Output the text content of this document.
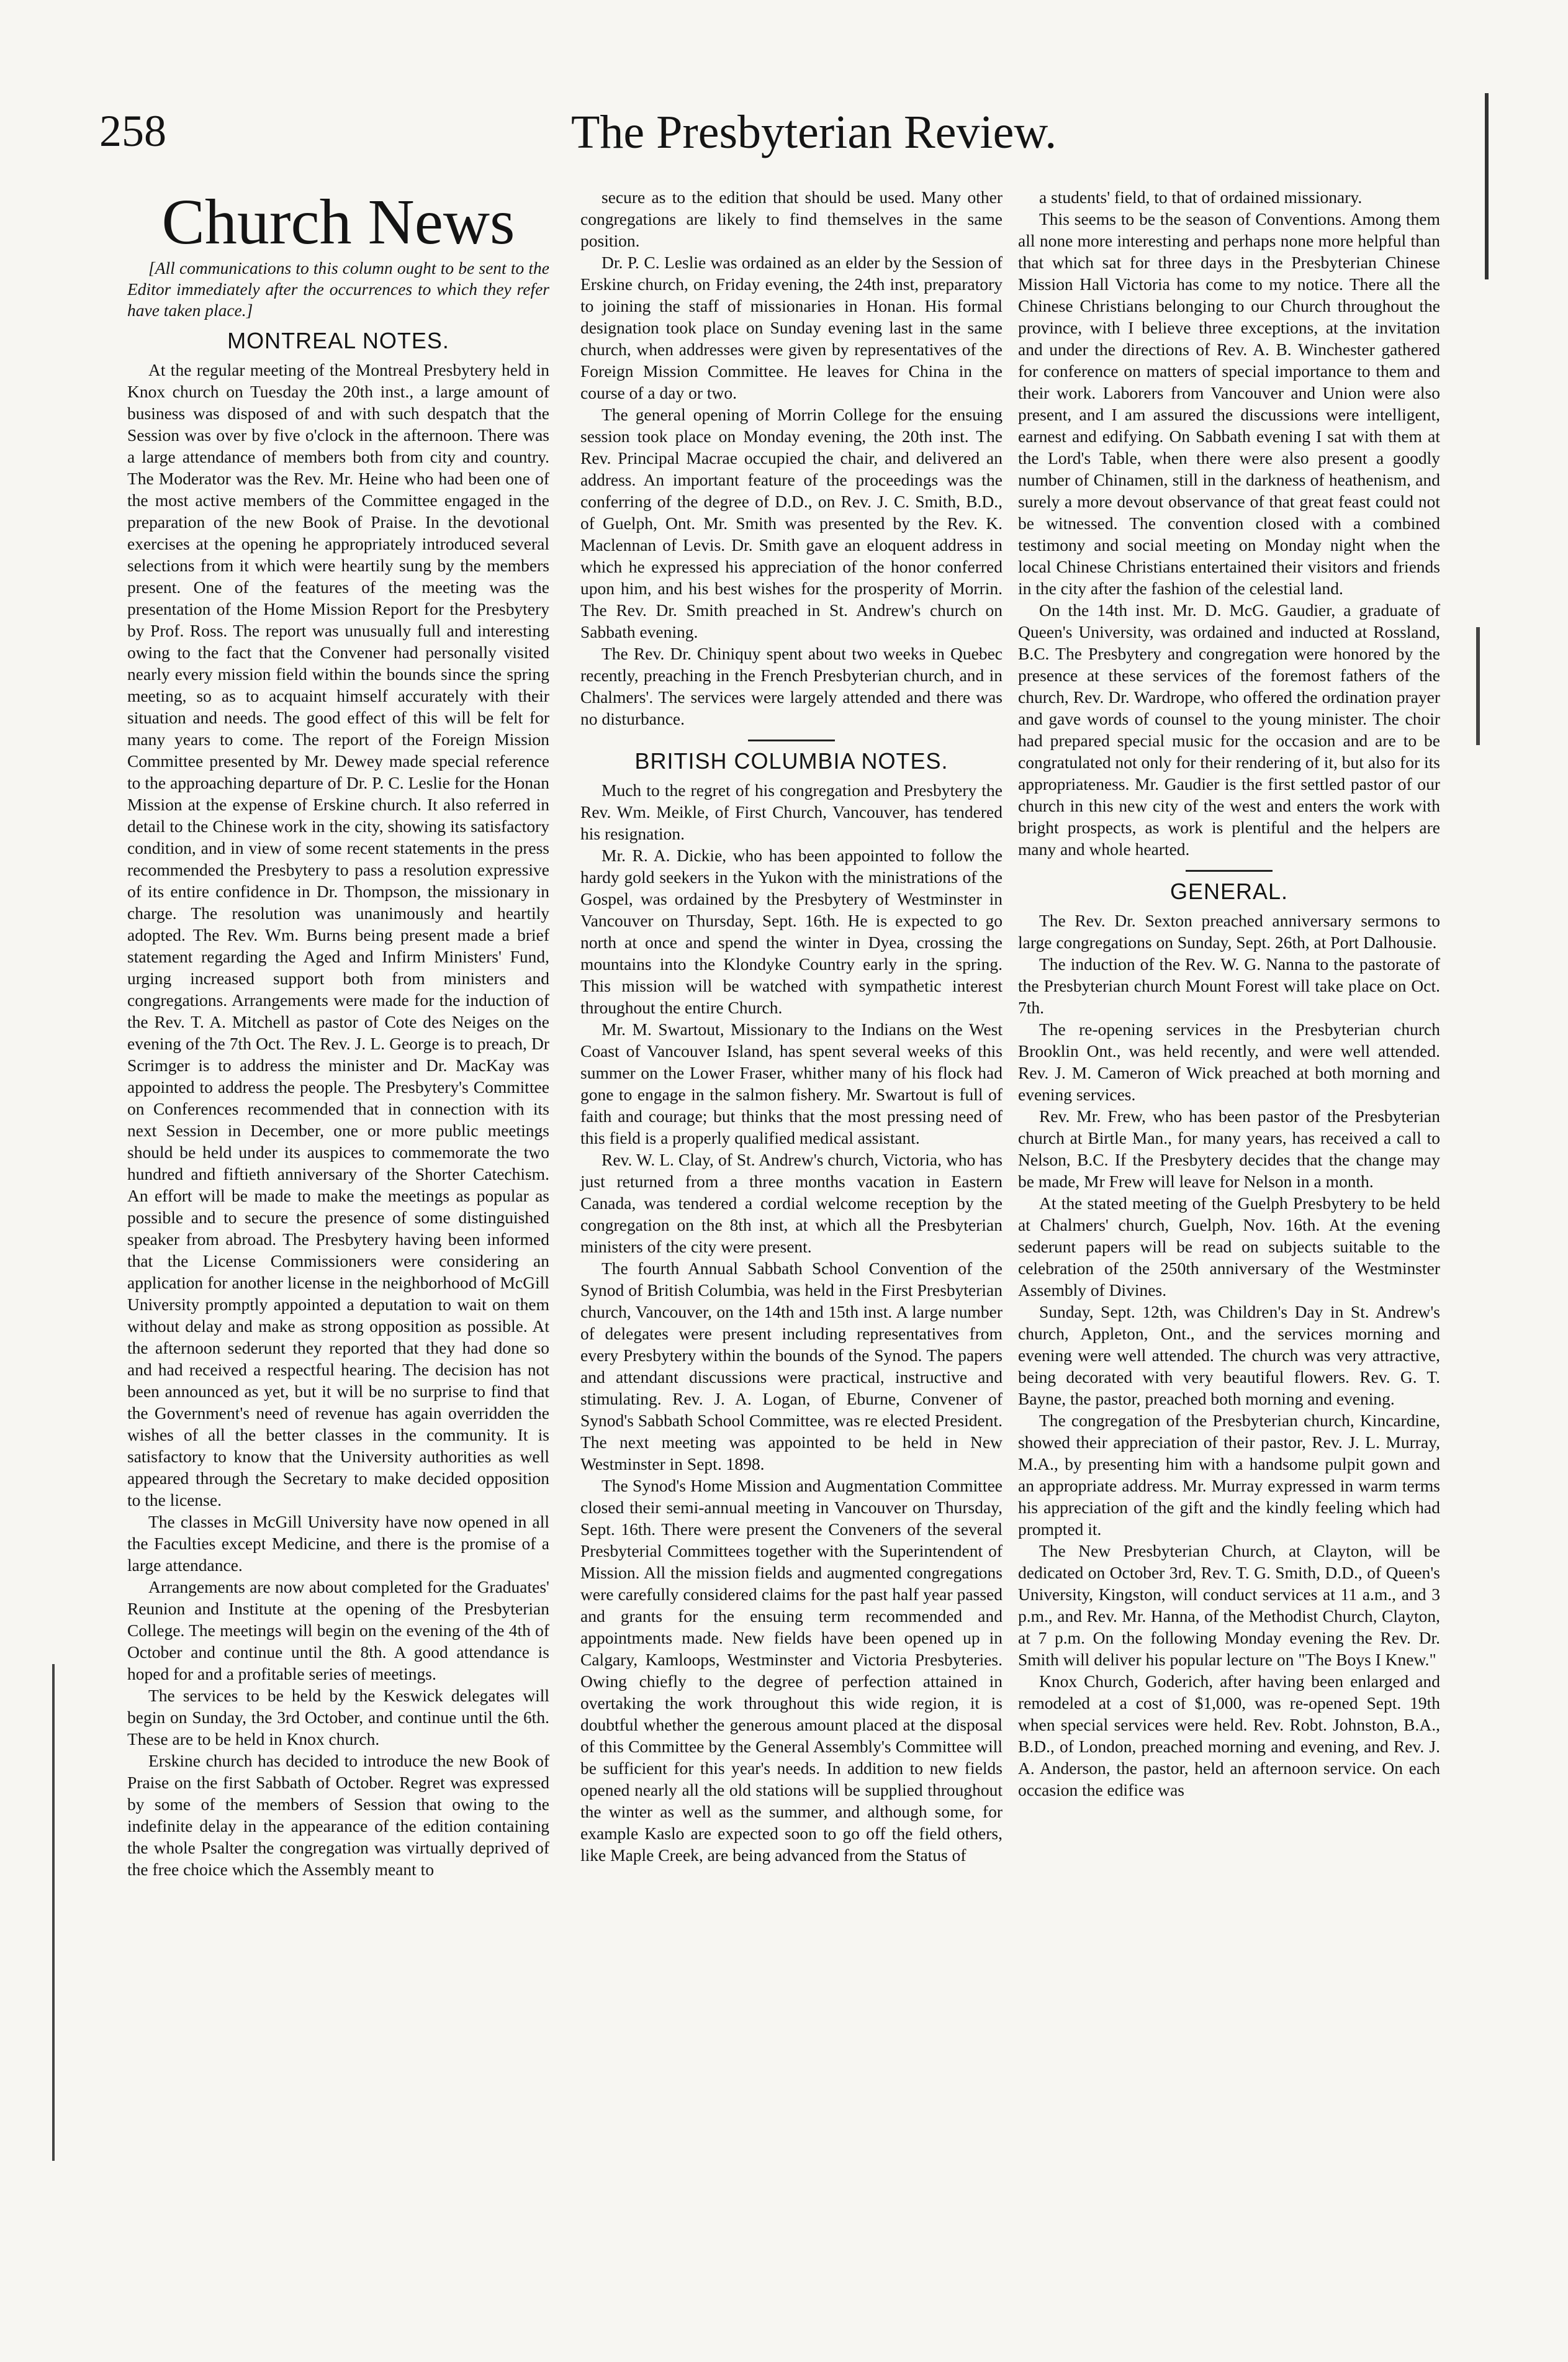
258	The Presbyterian Review.

Church News

[All communications to this column ought to be sent to the Editor immediately after the occurrences to which they refer have taken place.]

MONTREAL NOTES.

At the regular meeting of the Montreal Presbytery held in Knox church on Tuesday the 20th inst., a large amount of business was disposed of and with such despatch that the Session was over by five o'clock in the afternoon. There was a large attendance of members both from city and country. The Moderator was the Rev. Mr. Heine who had been one of the most active members of the Committee engaged in the preparation of the new Book of Praise. In the devotional exercises at the opening he appropriately introduced several selections from it which were heartily sung by the members present. One of the features of the meeting was the presentation of the Home Mission Report for the Presbytery by Prof. Ross. The report was unusually full and interesting owing to the fact that the Convener had personally visited nearly every mission field within the bounds since the spring meeting, so as to acquaint himself accurately with their situation and needs. The good effect of this will be felt for many years to come. The report of the Foreign Mission Committee presented by Mr. Dewey made special reference to the approaching departure of Dr. P. C. Leslie for the Honan Mission at the expense of Erskine church. It also referred in detail to the Chinese work in the city, showing its satisfactory condition, and in view of some recent statements in the press recommended the Presbytery to pass a resolution expressive of its entire confidence in Dr. Thompson, the missionary in charge. The resolution was unanimously and heartily adopted. The Rev. Wm. Burns being present made a brief statement regarding the Aged and Infirm Ministers' Fund, urging increased support both from ministers and congregations. Arrangements were made for the induction of the Rev. T. A. Mitchell as pastor of Cote des Neiges on the evening of the 7th Oct. The Rev. J. L. George is to preach, Dr Scrimger is to address the minister and Dr. MacKay was appointed to address the people. The Presbytery's Committee on Conferences recommended that in connection with its next Session in December, one or more public meetings should be held under its auspices to commemorate the two hundred and fiftieth anniversary of the Shorter Catechism. An effort will be made to make the meetings as popular as possible and to secure the presence of some distinguished speaker from abroad. The Presbytery having been informed that the License Commissioners were considering an application for another license in the neighborhood of McGill University promptly appointed a deputation to wait on them without delay and make as strong opposition as possible. At the afternoon sederunt they reported that they had done so and had received a respectful hearing. The decision has not been announced as yet, but it will be no surprise to find that the Government's need of revenue has again overridden the wishes of all the better classes in the community. It is satisfactory to know that the University authorities as well appeared through the Secretary to make decided opposition to the license.

The classes in McGill University have now opened in all the Faculties except Medicine, and there is the promise of a large attendance.

Arrangements are now about completed for the Graduates' Reunion and Institute at the opening of the Presbyterian College. The meetings will begin on the evening of the 4th of October and continue until the 8th. A good attendance is hoped for and a profitable series of meetings.

The services to be held by the Keswick delegates will begin on Sunday, the 3rd October, and continue until the 6th. These are to be held in Knox church.

Erskine church has decided to introduce the new Book of Praise on the first Sabbath of October. Regret was expressed by some of the members of Session that owing to the indefinite delay in the appearance of the edition containing the whole Psalter the congregation was virtually deprived of the free choice which the Assembly meant to

secure as to the edition that should be used. Many other congregations are likely to find themselves in the same position.

Dr. P. C. Leslie was ordained as an elder by the Session of Erskine church, on Friday evening, the 24th inst, preparatory to joining the staff of missionaries in Honan. His formal designation took place on Sunday evening last in the same church, when addresses were given by representatives of the Foreign Mission Committee. He leaves for China in the course of a day or two.

The general opening of Morrin College for the ensuing session took place on Monday evening, the 20th inst. The Rev. Principal Macrae occupied the chair, and delivered an address. An important feature of the proceedings was the conferring of the degree of D.D., on Rev. J. C. Smith, B.D., of Guelph, Ont. Mr. Smith was presented by the Rev. K. Maclennan of Levis. Dr. Smith gave an eloquent address in which he expressed his appreciation of the honor conferred upon him, and his best wishes for the prosperity of Morrin. The Rev. Dr. Smith preached in St. Andrew's church on Sabbath evening.

The Rev. Dr. Chiniquy spent about two weeks in Quebec recently, preaching in the French Presbyterian church, and in Chalmers'. The services were largely attended and there was no disturbance.

BRITISH COLUMBIA NOTES.

Much to the regret of his congregation and Presbytery the Rev. Wm. Meikle, of First Church, Vancouver, has tendered his resignation.

Mr. R. A. Dickie, who has been appointed to follow the hardy gold seekers in the Yukon with the ministrations of the Gospel, was ordained by the Presbytery of Westminster in Vancouver on Thursday, Sept. 16th. He is expected to go north at once and spend the winter in Dyea, crossing the mountains into the Klondyke Country early in the spring. This mission will be watched with sympathetic interest throughout the entire Church.

Mr. M. Swartout, Missionary to the Indians on the West Coast of Vancouver Island, has spent several weeks of this summer on the Lower Fraser, whither many of his flock had gone to engage in the salmon fishery. Mr. Swartout is full of faith and courage; but thinks that the most pressing need of this field is a properly qualified medical assistant.

Rev. W. L. Clay, of St. Andrew's church, Victoria, who has just returned from a three months vacation in Eastern Canada, was tendered a cordial welcome reception by the congregation on the 8th inst, at which all the Presbyterian ministers of the city were present.

The fourth Annual Sabbath School Convention of the Synod of British Columbia, was held in the First Presbyterian church, Vancouver, on the 14th and 15th inst. A large number of delegates were present including representatives from every Presbytery within the bounds of the Synod. The papers and attendant discussions were practical, instructive and stimulating. Rev. J. A. Logan, of Eburne, Convener of Synod's Sabbath School Committee, was re elected President. The next meeting was appointed to be held in New Westminster in Sept. 1898.

The Synod's Home Mission and Augmentation Committee closed their semi-annual meeting in Vancouver on Thursday, Sept. 16th. There were present the Conveners of the several Presbyterial Committees together with the Superintendent of Mission. All the mission fields and augmented congregations were carefully considered claims for the past half year passed and grants for the ensuing term recommended and appointments made. New fields have been opened up in Calgary, Kamloops, Westminster and Victoria Presbyteries. Owing chiefly to the degree of perfection attained in overtaking the work throughout this wide region, it is doubtful whether the generous amount placed at the disposal of this Committee by the General Assembly's Committee will be sufficient for this year's needs. In addition to new fields opened nearly all the old stations will be supplied throughout the winter as well as the summer, and although some, for example Kaslo are expected soon to go off the field others, like Maple Creek, are being advanced from the Status of

a students' field, to that of ordained missionary.

This seems to be the season of Conventions. Among them all none more interesting and perhaps none more helpful than that which sat for three days in the Presbyterian Chinese Mission Hall Victoria has come to my notice. There all the Chinese Christians belonging to our Church throughout the province, with I believe three exceptions, at the invitation and under the directions of Rev. A. B. Winchester gathered for conference on matters of special importance to them and their work. Laborers from Vancouver and Union were also present, and I am assured the discussions were intelligent, earnest and edifying. On Sabbath evening I sat with them at the Lord's Table, when there were also present a goodly number of Chinamen, still in the darkness of heathenism, and surely a more devout observance of that great feast could not be witnessed. The convention closed with a combined testimony and social meeting on Monday night when the local Chinese Christians entertained their visitors and friends in the city after the fashion of the celestial land.

On the 14th inst. Mr. D. McG. Gaudier, a graduate of Queen's University, was ordained and inducted at Rossland, B.C. The Presbytery and congregation were honored by the presence at these services of the foremost fathers of the church, Rev. Dr. Wardrope, who offered the ordination prayer and gave words of counsel to the young minister. The choir had prepared special music for the occasion and are to be congratulated not only for their rendering of it, but also for its appropriateness. Mr. Gaudier is the first settled pastor of our church in this new city of the west and enters the work with bright prospects, as work is plentiful and the helpers are many and whole hearted.

GENERAL.

The Rev. Dr. Sexton preached anniversary sermons to large congregations on Sunday, Sept. 26th, at Port Dalhousie.

The induction of the Rev. W. G. Nanna to the pastorate of the Presbyterian church Mount Forest will take place on Oct. 7th.

The re-opening services in the Presbyterian church Brooklin Ont., was held recently, and were well attended. Rev. J. M. Cameron of Wick preached at both morning and evening services.

Rev. Mr. Frew, who has been pastor of the Presbyterian church at Birtle Man., for many years, has received a call to Nelson, B.C. If the Presbytery decides that the change may be made, Mr Frew will leave for Nelson in a month.

At the stated meeting of the Guelph Presbytery to be held at Chalmers' church, Guelph, Nov. 16th. At the evening sederunt papers will be read on subjects suitable to the celebration of the 250th anniversary of the Westminster Assembly of Divines.

Sunday, Sept. 12th, was Children's Day in St. Andrew's church, Appleton, Ont., and the services morning and evening were well attended. The church was very attractive, being decorated with very beautiful flowers. Rev. G. T. Bayne, the pastor, preached both morning and evening.

The congregation of the Presbyterian church, Kincardine, showed their appreciation of their pastor, Rev. J. L. Murray, M.A., by presenting him with a handsome pulpit gown and an appropriate address. Mr. Murray expressed in warm terms his appreciation of the gift and the kindly feeling which had prompted it.

The New Presbyterian Church, at Clayton, will be dedicated on October 3rd, Rev. T. G. Smith, D.D., of Queen's University, Kingston, will conduct services at 11 a.m., and 3 p.m., and Rev. Mr. Hanna, of the Methodist Church, Clayton, at 7 p.m. On the following Monday evening the Rev. Dr. Smith will deliver his popular lecture on "The Boys I Knew."

Knox Church, Goderich, after having been enlarged and remodeled at a cost of $1,000, was re-opened Sept. 19th when special services were held. Rev. Robt. Johnston, B.A., B.D., of London, preached morning and evening, and Rev. J. A. Anderson, the pastor, held an afternoon service. On each occasion the edifice was
